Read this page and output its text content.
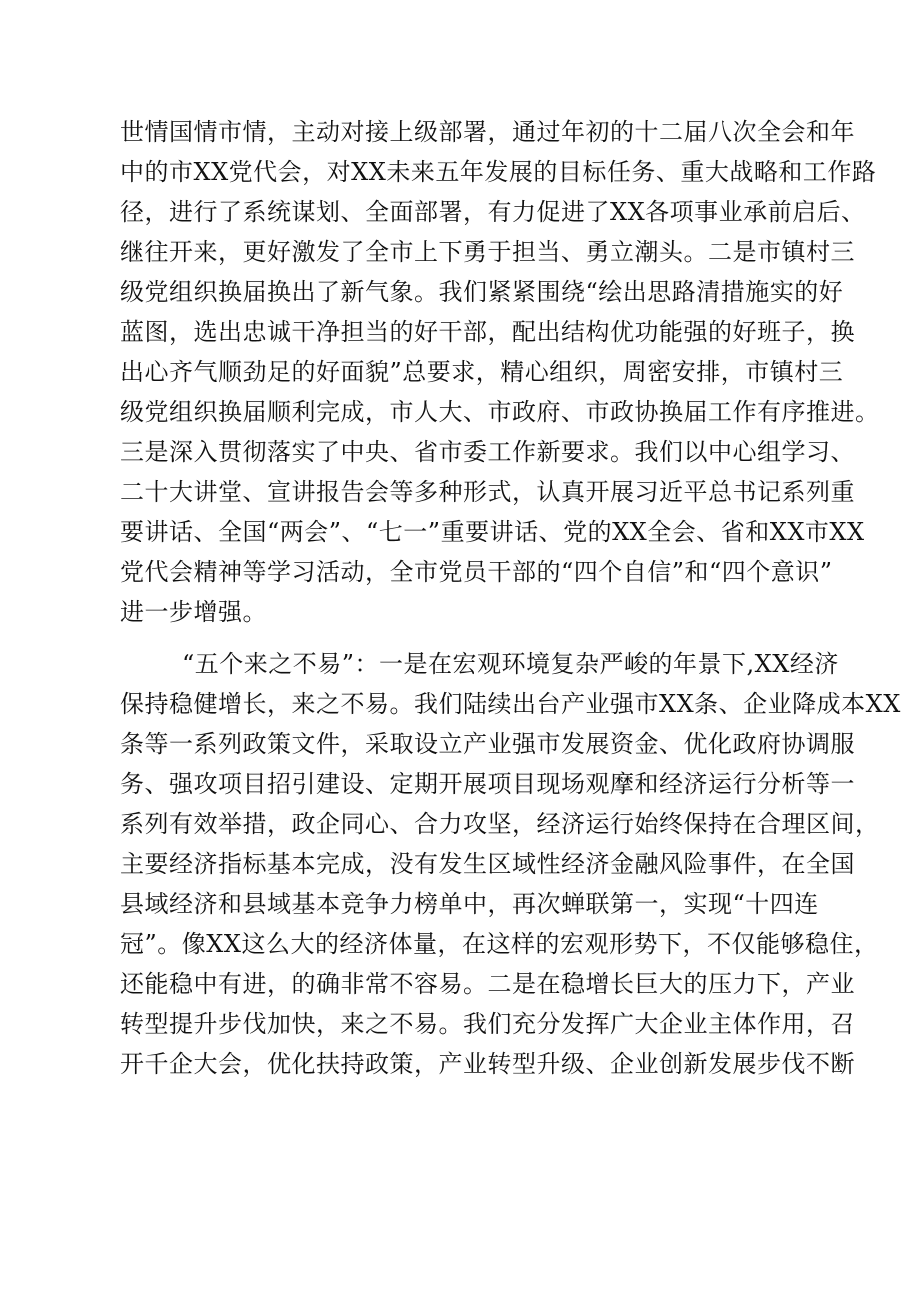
世情国情市情，主动对接上级部署，通过年初的十二届八次全会和年
中的市XX党代会，对XX未来五年发展的目标任务、重大战略和工作路
径，进行了系统谋划、全面部署，有力促进了XX各项事业承前启后、
继往开来，更好激发了全市上下勇于担当、勇立潮头。二是市镇村三
级党组织换届换出了新气象。我们紧紧围绕“绘出思路清措施实的好
蓝图，选出忠诚干净担当的好干部，配出结构优功能强的好班子，换
出心齐气顺劲足的好面貌”总要求，精心组织，周密安排，市镇村三
级党组织换届顺利完成，市人大、市政府、市政协换届工作有序推进。
三是深入贯彻落实了中央、省市委工作新要求。我们以中心组学习、
二十大讲堂、宣讲报告会等多种形式，认真开展习近平总书记系列重
要讲话、全国“两会”、“七一”重要讲话、党的XX全会、省和XX市XX
党代会精神等学习活动，全市党员干部的“四个自信”和“四个意识”
进一步增强。
“五个来之不易”：一是在宏观环境复杂严峻的年景下,XX经济
保持稳健增长，来之不易。我们陆续出台产业强市XX条、企业降成本XX
条等一系列政策文件，采取设立产业强市发展资金、优化政府协调服
务、强攻项目招引建设、定期开展项目现场观摩和经济运行分析等一
系列有效举措，政企同心、合力攻坚，经济运行始终保持在合理区间，
主要经济指标基本完成，没有发生区域性经济金融风险事件，在全国
县域经济和县域基本竞争力榜单中，再次蝉联第一，实现“十四连
冠”。像XX这么大的经济体量，在这样的宏观形势下，不仅能够稳住，
还能稳中有进，的确非常不容易。二是在稳增长巨大的压力下，产业
转型提升步伐加快，来之不易。我们充分发挥广大企业主体作用，召
开千企大会，优化扶持政策，产业转型升级、企业创新发展步伐不断
